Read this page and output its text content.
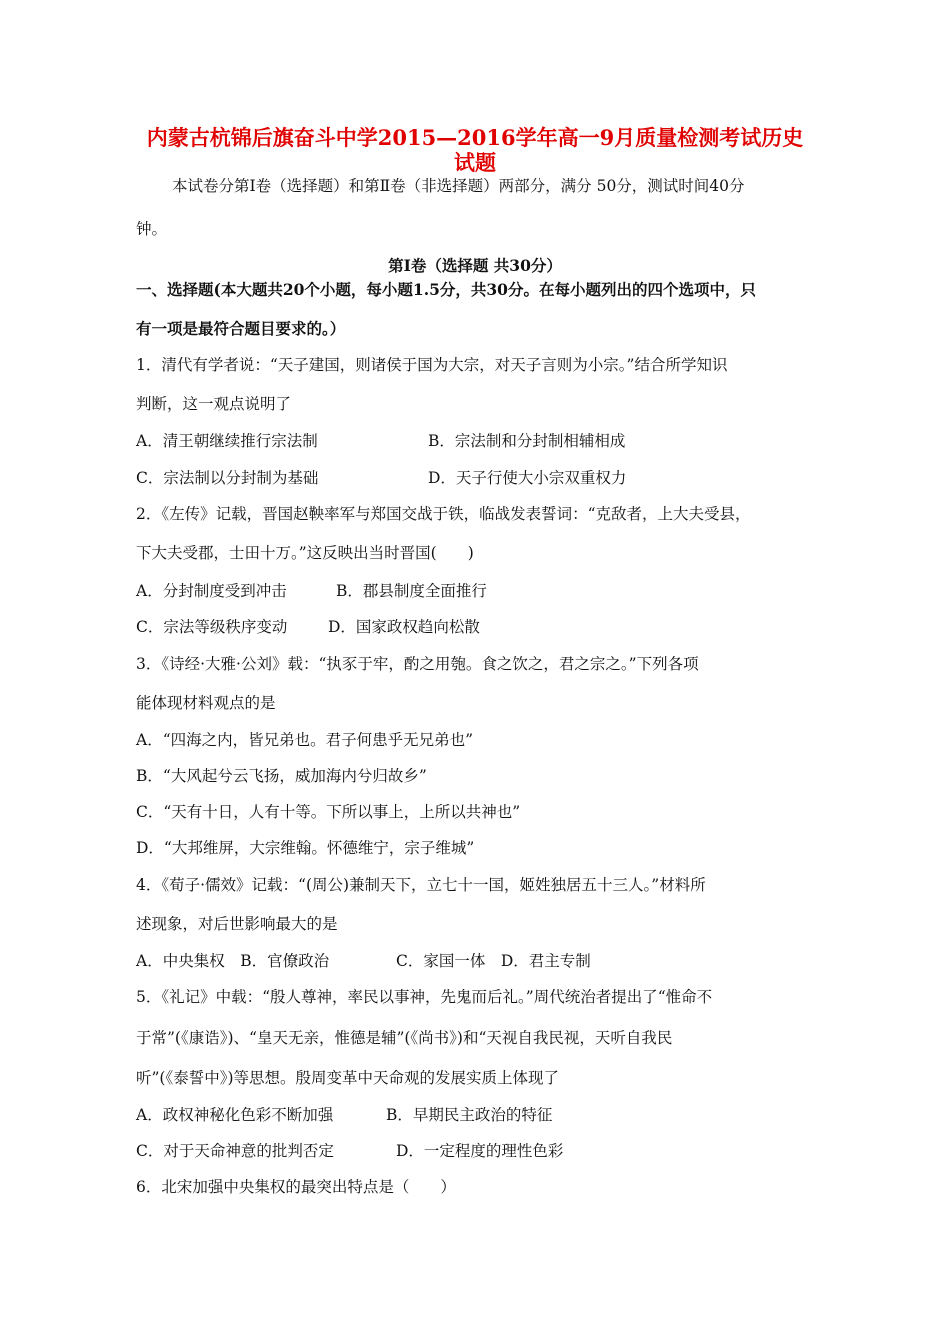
内蒙古杭锦后旗奋斗中学2015—2016学年高一9月质量检测考试历史
试题
本试卷分第Ⅰ卷（选择题）和第Ⅱ卷（非选择题）两部分，满分 50分，测试时间40分
钟。
第Ⅰ卷（选择题 共30分）
一、选择题(本大题共20个小题，每小题1.5分，共30分。在每小题列出的四个选项中，只
有一项是最符合题目要求的。）
1．清代有学者说：“天子建国，则诸侯于国为大宗，对天子言则为小宗。”结合所学知识
判断，这一观点说明了
A．清王朝继续推行宗法制	B．宗法制和分封制相辅相成
C．宗法制以分封制为基础	D．天子行使大小宗双重权力
2．《左传》记载，晋国赵鞅率军与郑国交战于铁，临战发表誓词：“克敌者，上大夫受县，
下大夫受郡，士田十万。”这反映出当时晋国(　　)
A．分封制度受到冲击	B．郡县制度全面推行
C．宗法等级秩序变动	D．国家政权趋向松散
3．《诗经·大雅·公刘》载：“执豕于牢，酌之用匏。食之饮之，君之宗之。”下列各项
能体现材料观点的是
A．“四海之内，皆兄弟也。君子何患乎无兄弟也”
B．“大风起兮云飞扬，威加海内兮归故乡”
C．“天有十日，人有十等。下所以事上，上所以共神也”
D．“大邦维屏，大宗维翰。怀德维宁，宗子维城”
4．《荀子·儒效》记载：“(周公)兼制天下，立七十一国，姬姓独居五十三人。”材料所
述现象，对后世影响最大的是
A．中央集权　B．官僚政治	C．家国一体　D．君主专制
5．《礼记》中载：“殷人尊神，率民以事神，先鬼而后礼。”周代统治者提出了“惟命不
于常”(《康诰》)、“皇天无亲，惟德是辅”(《尚书》)和“天视自我民视，天听自我民
听”(《泰誓中》)等思想。殷周变革中天命观的发展实质上体现了
A．政权神秘化色彩不断加强	B．早期民主政治的特征
C．对于天命神意的批判否定	D．一定程度的理性色彩
6．北宋加强中央集权的最突出特点是（　　）
